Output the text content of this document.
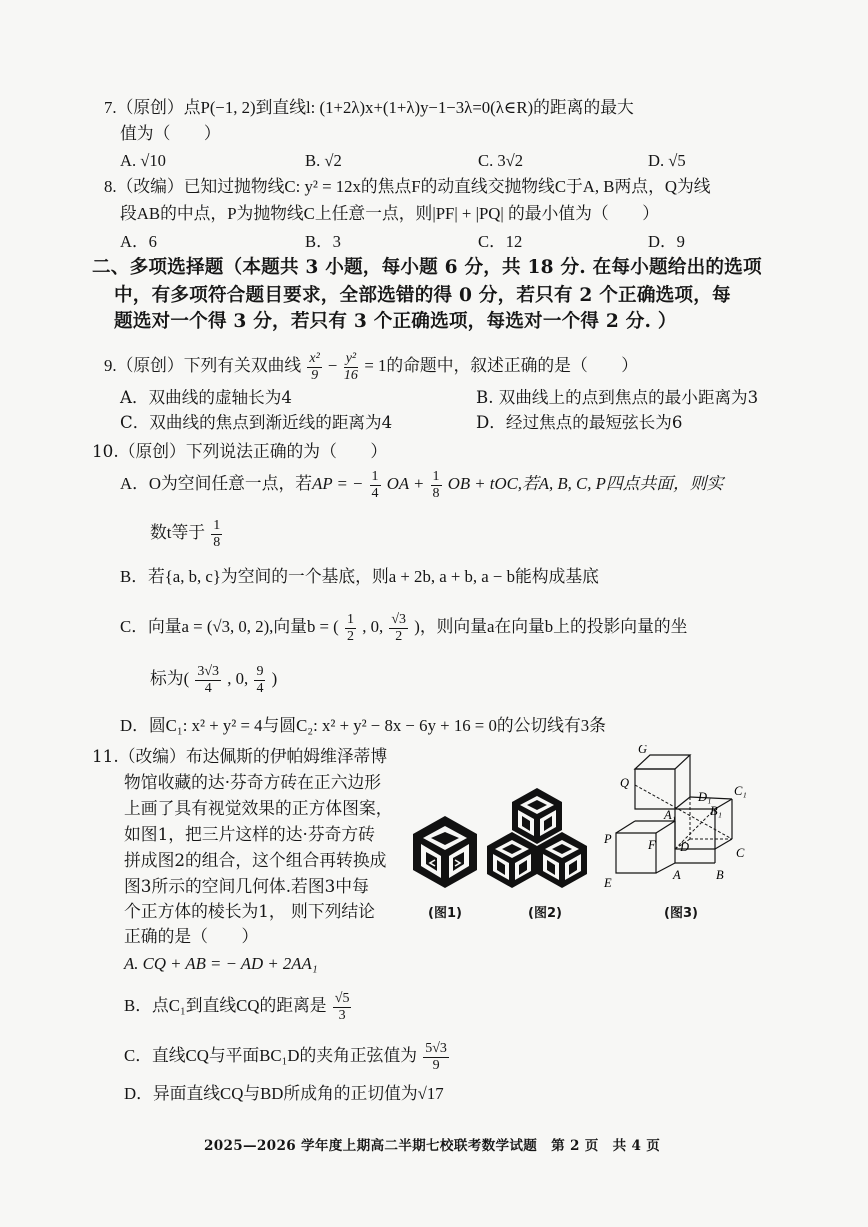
7.（原创）点P(−1, 2)到直线l: (1+2λ)x+(1+λ)y−1−3λ=0(λ∈R)的距离的最大
值为（　　）
A. √10	B. √2	C. 3√2	D. √5
8.（改编）已知过抛物线C: y² = 12x的焦点F的动直线交抛物线C于A, B两点，Q为线
段AB的中点，P为抛物线C上任意一点，则|PF| + |PQ| 的最小值为（　　）
A．6	B．3	C．12	D．9
二、多项选择题（本题共 3 小题，每小题 6 分，共 18 分. 在每小题给出的选项
中，有多项符合题目要求，全部选错的得 0 分，若只有 2 个正确选项，每
题选对一个得 3 分，若只有 3 个正确选项，每选对一个得 2 分. ）
9.（原创）下列有关双曲线 $\frac{\text{x²}}{9} - \frac{\text{y²}}{16} = 1$的命题中，叙述正确的是（　　）
A．双曲线的虚轴长为4	B. 双曲线上的点到焦点的最小距离为3
C．双曲线的焦点到渐近线的距离为4	D．经过焦点的最短弦长为6
10.（原创）下列说法正确的为（　　）
A．O为空间任意一点，若AP = − $\frac{1}{4}$ OA + $\frac{1}{8}$ OB + tOC,若A, B, C, P四点共面，则实
数t等于 $\frac{1}{8}$
B．若{a, b, c}为空间的一个基底，则a + 2b, a + b, a − b能构成基底
C．向量a = (√3, 0, 2),向量b = ( $\frac{1}{2}$ , 0, $\frac{√3}{2}$ )，则向量a在向量b上的投影向量的坐
标为( $\frac{3√3}{4}$ , 0, $\frac{9}{4}$ )
D．圆C₁: x² + y² = 4与圆C₂: x² + y² − 8x − 6y + 16 = 0的公切线有3条
11.（改编）布达佩斯的伊帕姆维泽蒂博
物馆收藏的达·芬奇方砖在正六边形
上画了具有视觉效果的正方体图案，
如图1，把三片这样的达·芬奇方砖
拼成图2的组合，这个组合再转换成
图3所示的空间几何体.若图3中每
个正方体的棱长为1， 则下列结论
正确的是（　　）
A. CQ + AB = − AD + 2AA₁
B．点C₁到直线CQ的距离是 $\frac{√5}{3}$
C．直线CQ与平面BC₁D的夹角正弦值为 $\frac{5√3}{9}$
D．异面直线CQ与BD所成角的正切值为√17
G
Q
D₁ C₁
A₁	B₁
P	F D	C
E
A	B
(图1)	(图2)	(图3)
2025—2026 学年度上期高二半期七校联考数学试题　第 2 页　共 4 页
